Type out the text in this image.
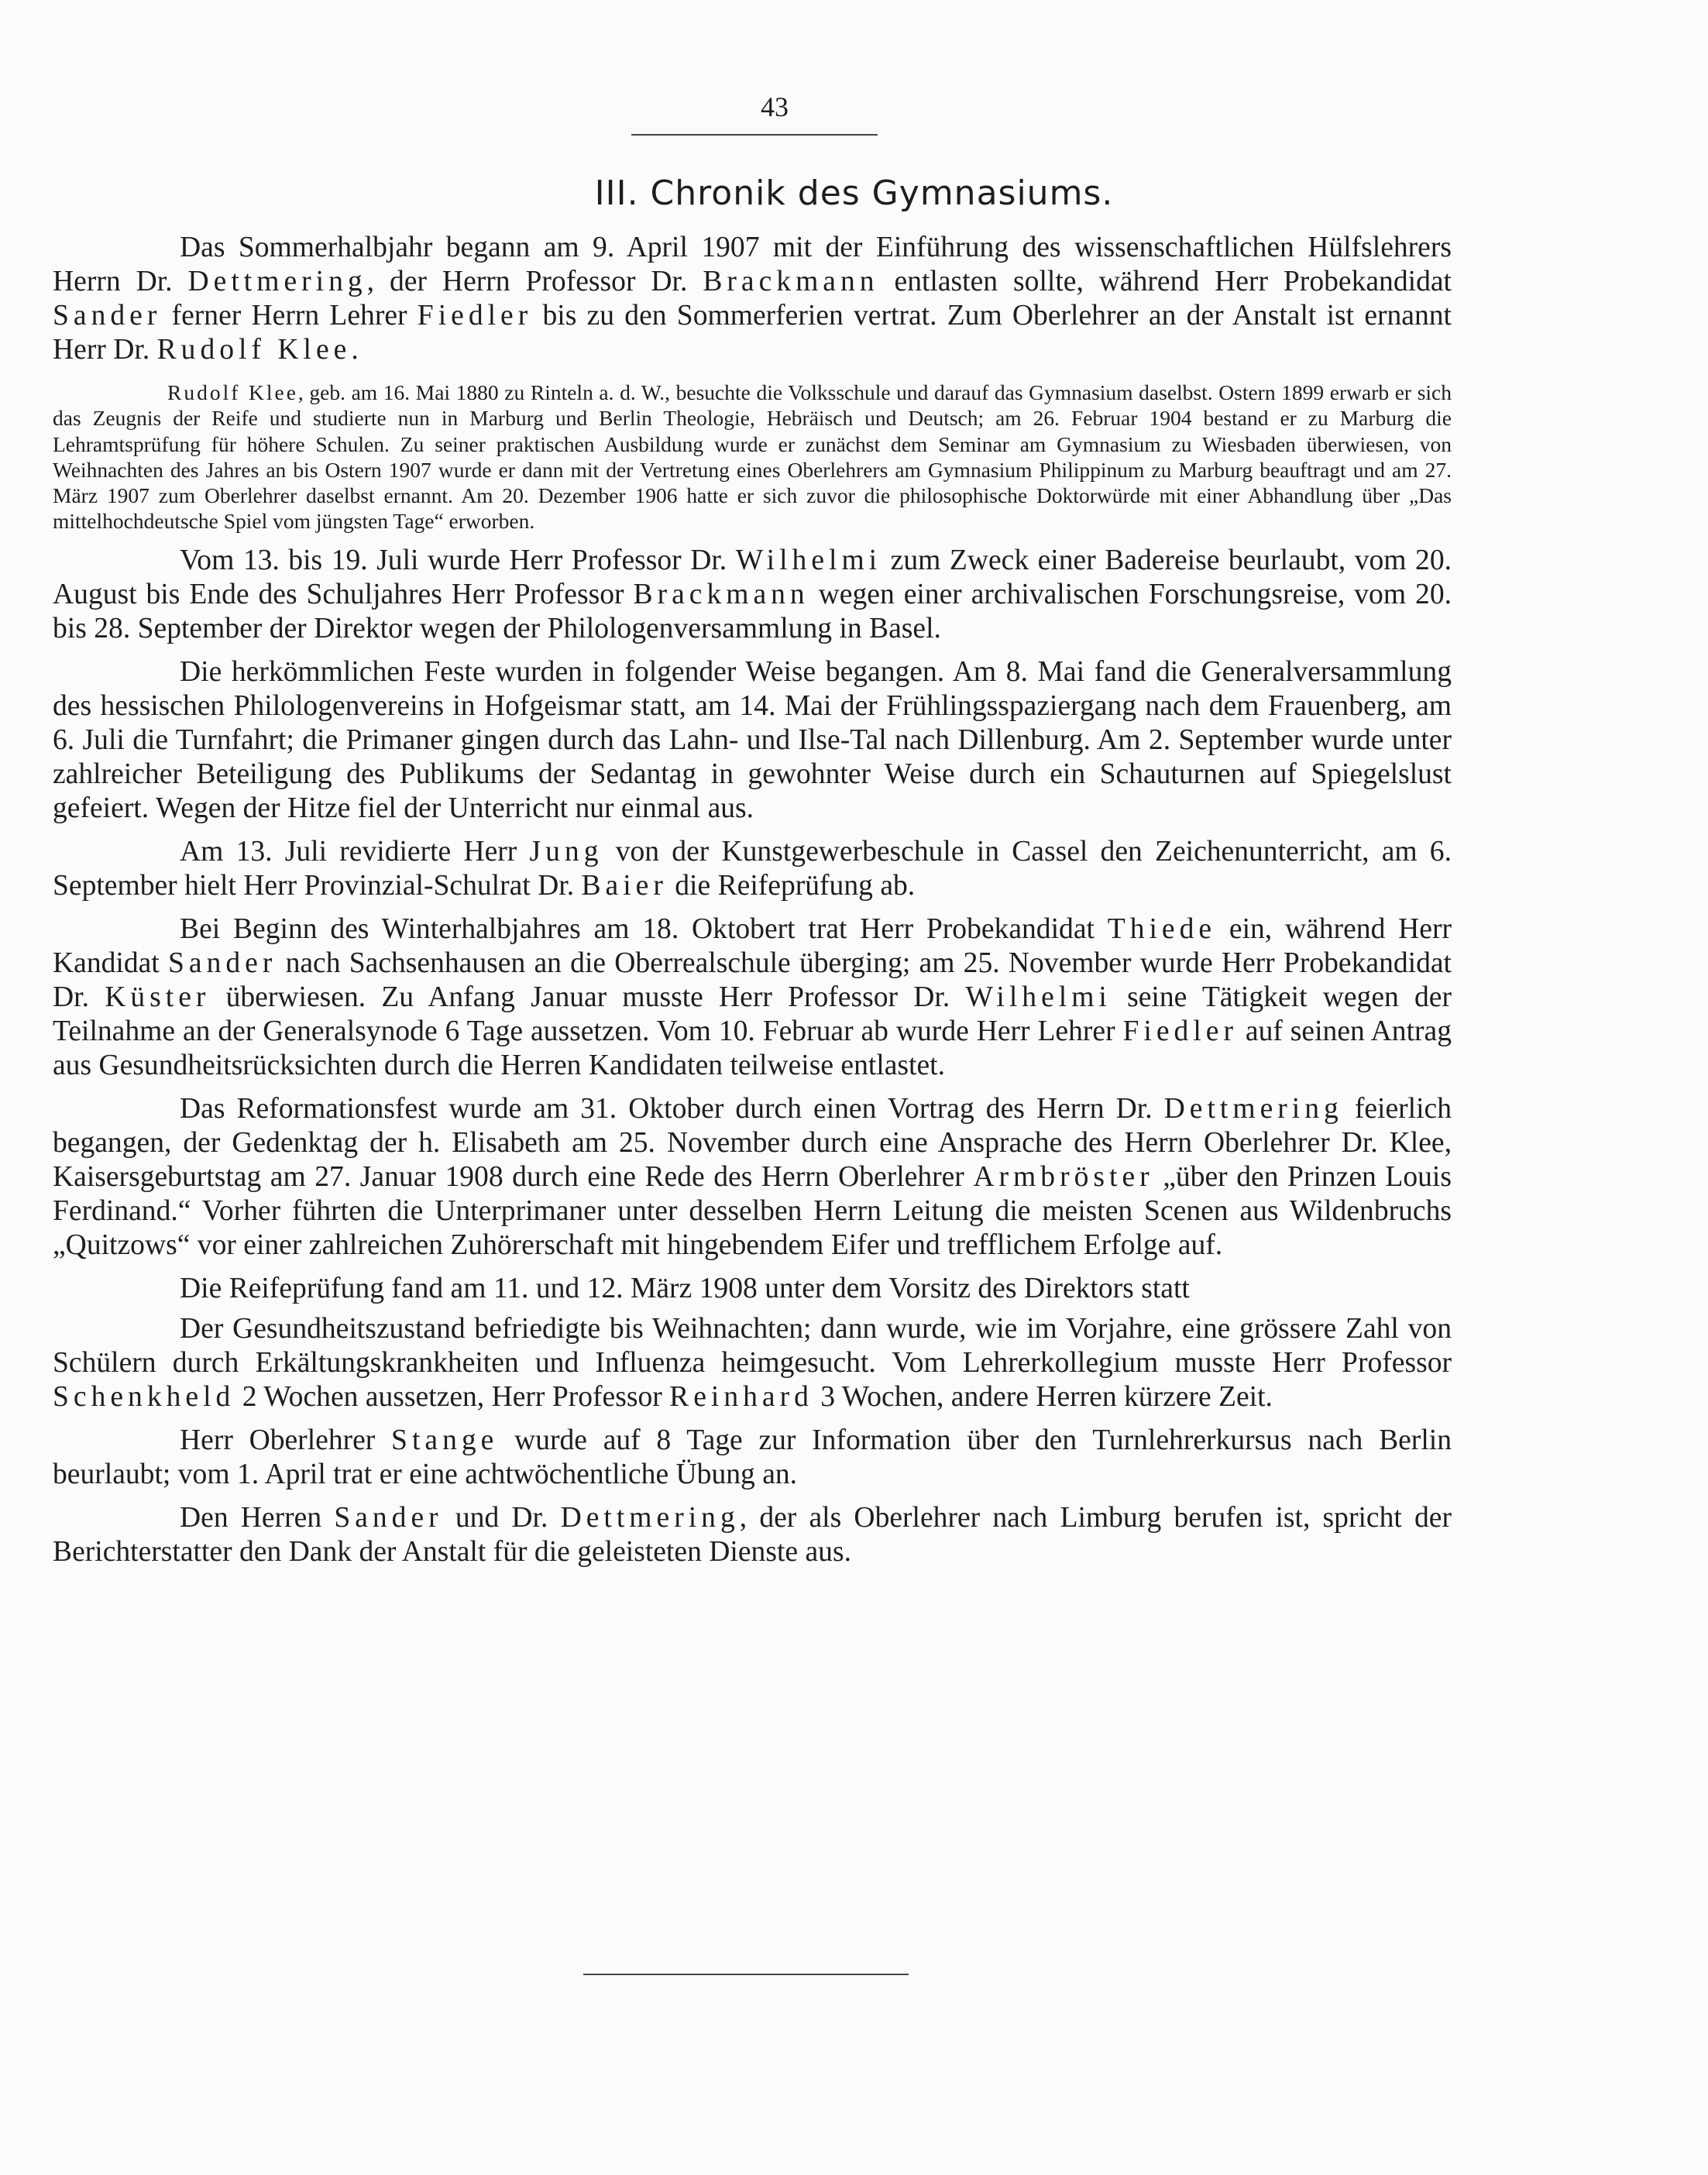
43
III. Chronik des Gymnasiums.

Das Sommerhalbjahr begann am 9. April 1907 mit der Einführung des wissenschaftlichen Hülfslehrers Herrn Dr. Dettmering, der Herrn Professor Dr. Brackmann entlasten sollte, während Herr Probekandidat Sander ferner Herrn Lehrer Fiedler bis zu den Sommerferien vertrat. Zum Oberlehrer an der Anstalt ist ernannt Herr Dr. Rudolf Klee.

Rudolf Klee, geb. am 16. Mai 1880 zu Rinteln a. d. W., besuchte die Volksschule und darauf das Gymnasium daselbst. Ostern 1899 erwarb er sich das Zeugnis der Reife und studierte nun in Marburg und Berlin Theologie, Hebräisch und Deutsch; am 26. Februar 1904 bestand er zu Marburg die Lehramtsprüfung für höhere Schulen. Zu seiner praktischen Ausbildung wurde er zunächst dem Seminar am Gymnasium zu Wiesbaden überwiesen, von Weihnachten des Jahres an bis Ostern 1907 wurde er dann mit der Vertretung eines Oberlehrers am Gymnasium Philippinum zu Marburg beauftragt und am 27. März 1907 zum Oberlehrer daselbst ernannt. Am 20. Dezember 1906 hatte er sich zuvor die philosophische Doktorwürde mit einer Abhandlung über „Das mittelhochdeutsche Spiel vom jüngsten Tage“ erworben.

Vom 13. bis 19. Juli wurde Herr Professor Dr. Wilhelmi zum Zweck einer Badereise beurlaubt, vom 20. August bis Ende des Schuljahres Herr Professor Brackmann wegen einer archivalischen Forschungsreise, vom 20. bis 28. September der Direktor wegen der Philologenversammlung in Basel.

Die herkömmlichen Feste wurden in folgender Weise begangen. Am 8. Mai fand die Generalversammlung des hessischen Philologenvereins in Hofgeismar statt, am 14. Mai der Frühlingsspaziergang nach dem Frauenberg, am 6. Juli die Turnfahrt; die Primaner gingen durch das Lahn- und Ilse-Tal nach Dillenburg. Am 2. September wurde unter zahlreicher Beteiligung des Publikums der Sedantag in gewohnter Weise durch ein Schauturnen auf Spiegelslust gefeiert. Wegen der Hitze fiel der Unterricht nur einmal aus.

Am 13. Juli revidierte Herr Jung von der Kunstgewerbeschule in Cassel den Zeichenunterricht, am 6. September hielt Herr Provinzial-Schulrat Dr. Baier die Reifeprüfung ab.

Bei Beginn des Winterhalbjahres am 18. Oktobert trat Herr Probekandidat Thiede ein, während Herr Kandidat Sander nach Sachsenhausen an die Oberrealschule überging; am 25. November wurde Herr Probekandidat Dr. Küster überwiesen. Zu Anfang Januar musste Herr Professor Dr. Wilhelmi seine Tätigkeit wegen der Teilnahme an der Generalsynode 6 Tage aussetzen. Vom 10. Februar ab wurde Herr Lehrer Fiedler auf seinen Antrag aus Gesundheitsrücksichten durch die Herren Kandidaten teilweise entlastet.

Das Reformationsfest wurde am 31. Oktober durch einen Vortrag des Herrn Dr. Dettmering feierlich begangen, der Gedenktag der h. Elisabeth am 25. November durch eine Ansprache des Herrn Oberlehrer Dr. Klee, Kaisersgeburtstag am 27. Januar 1908 durch eine Rede des Herrn Oberlehrer Armbröster „über den Prinzen Louis Ferdinand.“ Vorher führten die Unterprimaner unter desselben Herrn Leitung die meisten Scenen aus Wildenbruchs „Quitzows“ vor einer zahlreichen Zuhörerschaft mit hingebendem Eifer und trefflichem Erfolge auf.

Die Reifeprüfung fand am 11. und 12. März 1908 unter dem Vorsitz des Direktors statt

Der Gesundheitszustand befriedigte bis Weihnachten; dann wurde, wie im Vorjahre, eine grössere Zahl von Schülern durch Erkältungskrankheiten und Influenza heimgesucht. Vom Lehrerkollegium musste Herr Professor Schenkheld 2 Wochen aussetzen, Herr Professor Reinhard 3 Wochen, andere Herren kürzere Zeit.

Herr Oberlehrer Stange wurde auf 8 Tage zur Information über den Turnlehrerkursus nach Berlin beurlaubt; vom 1. April trat er eine achtwöchentliche Übung an.

Den Herren Sander und Dr. Dettmering, der als Oberlehrer nach Limburg berufen ist, spricht der Berichterstatter den Dank der Anstalt für die geleisteten Dienste aus.
